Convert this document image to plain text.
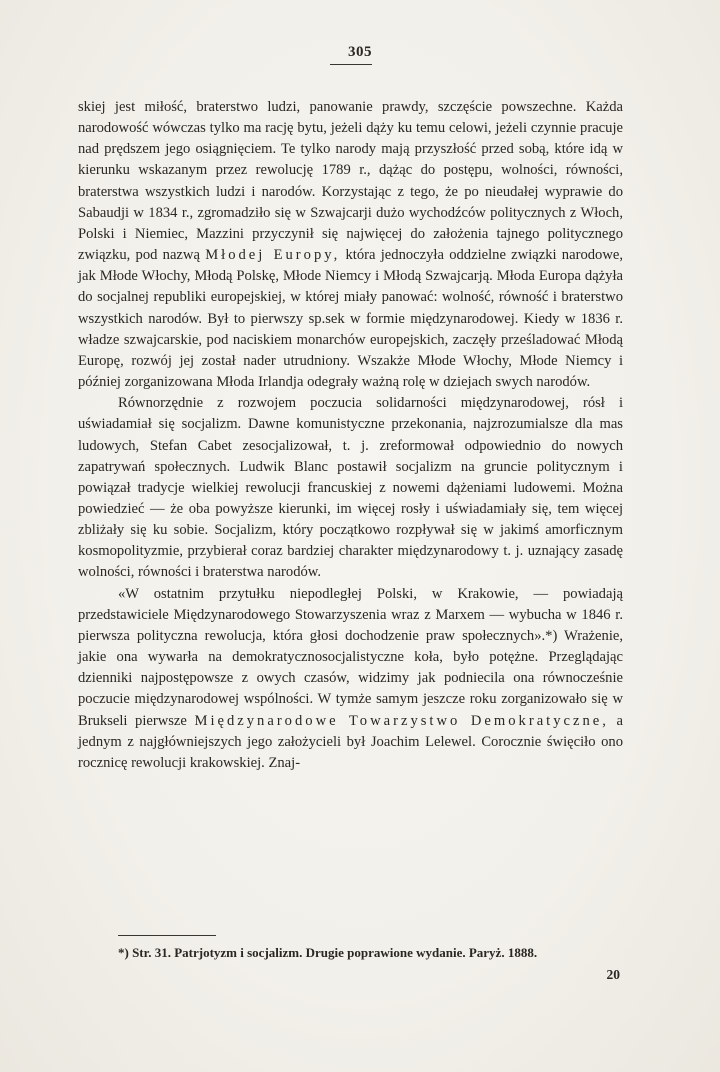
305

skiej jest miłość, braterstwo ludzi, panowanie prawdy, szczęście powszechne. Każda narodowość wówczas tylko ma rację bytu, jeżeli dąży ku temu celowi, jeżeli czynnie pracuje nad prędszem jego osiągnięciem. Te tylko narody mają przyszłość przed sobą, które idą w kierunku wskazanym przez rewolucję 1789 r., dążąc do postępu, wolności, równości, braterstwa wszystkich ludzi i narodów. Korzystając z tego, że po nieudałej wyprawie do Sabaudji w 1834 r., zgromadziło się w Szwajcarji dużo wychodźców politycznych z Włoch, Polski i Niemiec, Mazzini przyczynił się najwięcej do założenia tajnego politycznego związku, pod nazwą Młodej Europy, która jednoczyła oddzielne związki narodowe, jak Młode Włochy, Młodą Polskę, Młode Niemcy i Młodą Szwajcarją. Młoda Europa dążyła do socjalnej republiki europejskiej, w której miały panować: wolność, równość i braterstwo wszystkich narodów. Był to pierwszy sp.sek w formie międzynarodowej. Kiedy w 1836 r. władze szwajcarskie, pod naciskiem monarchów europejskich, zaczęły prześladować Młodą Europę, rozwój jej został nader utrudniony. Wszakże Młode Włochy, Młode Niemcy i później zorganizowana Młoda Irlandja odegrały ważną rolę w dziejach swych narodów.

Równorzędnie z rozwojem poczucia solidarności międzynarodowej, rósł i uświadamiał się socjalizm. Dawne komunistyczne przekonania, najzrozumialsze dla mas ludowych, Stefan Cabet zesocjalizował, t. j. zreformował odpowiednio do nowych zapatrywań społecznych. Ludwik Blanc postawił socjalizm na gruncie politycznym i powiązał tradycje wielkiej rewolucji francuskiej z nowemi dążeniami ludowemi. Można powiedzieć — że oba powyższe kierunki, im więcej rosły i uświadamiały się, tem więcej zbliżały się ku sobie. Socjalizm, który początkowo rozpływał się w jakimś amorficznym kosmopolityzmie, przybierał coraz bardziej charakter międzynarodowy t. j. uznający zasadę wolności, równości i braterstwa narodów.

«W ostatnim przytułku niepodległej Polski, w Krakowie, — powiadają przedstawiciele Międzynarodowego Stowarzyszenia wraz z Marxem — wybucha w 1846 r. pierwsza polityczna rewolucja, która głosi dochodzenie praw społecznych».*) Wrażenie, jakie ona wywarła na demokratycznosocjalistyczne koła, było potężne. Przeglądając dzienniki najpostępowsze z owych czasów, widzimy jak podniecila ona równocześnie poczucie międzynarodowej wspólności. W tymże samym jeszcze roku zorganizowało się w Brukseli pierwsze Międzynarodowe Towarzystwo Demokratyczne, a jednym z najgłówniejszych jego założycieli był Joachim Lelewel. Corocznie święciło ono rocznicę rewolucji krakowskiej. Znaj-

*) Str. 31. Patrjotyzm i socjalizm. Drugie poprawione wydanie. Paryż. 1888.
20
